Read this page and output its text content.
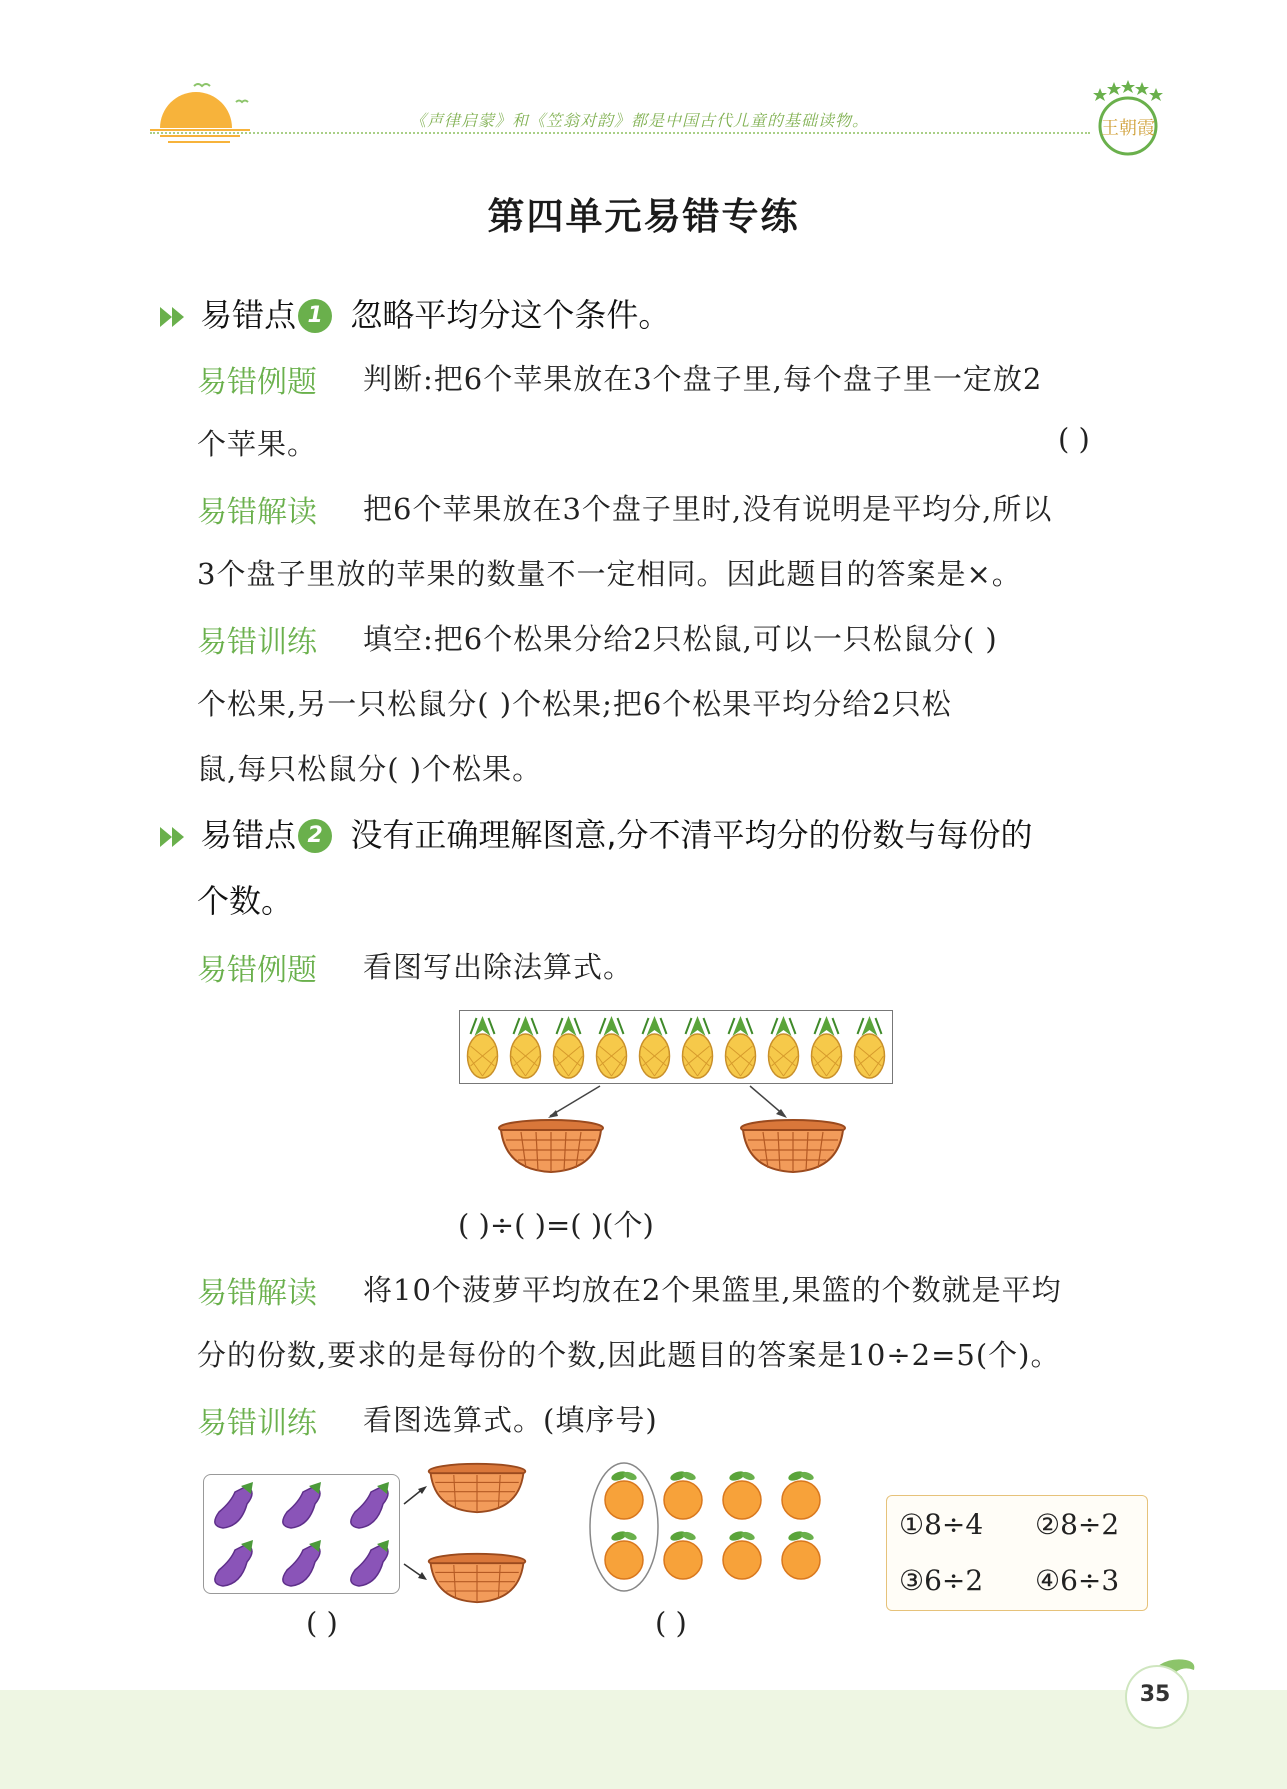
《声律启蒙》和《笠翁对韵》都是中国古代儿童的基础读物。	王朝霞
第四单元易错专练
易错点 1 忽略平均分这个条件。
易错例题 判断:把6个苹果放在3个盘子里,每个盘子里一定放2
个苹果。	( )
易错解读 把6个苹果放在3个盘子里时,没有说明是平均分,所以
3个盘子里放的苹果的数量不一定相同。因此题目的答案是×。
易错训练 填空:把6个松果分给2只松鼠,可以一只松鼠分( )
个松果,另一只松鼠分( )个松果;把6个松果平均分给2只松
鼠,每只松鼠分( )个松果。
易错点 2 没有正确理解图意,分不清平均分的份数与每份的
个数。
易错例题 看图写出除法算式。
( )÷( )=( )(个)
易错解读 将10个菠萝平均放在2个果篮里,果篮的个数就是平均
分的份数,要求的是每份的个数,因此题目的答案是10÷2=5(个)。
易错训练 看图选算式。(填序号)
( )	( )
①8÷4 ②8÷2
③6÷2 ④6÷3
35
